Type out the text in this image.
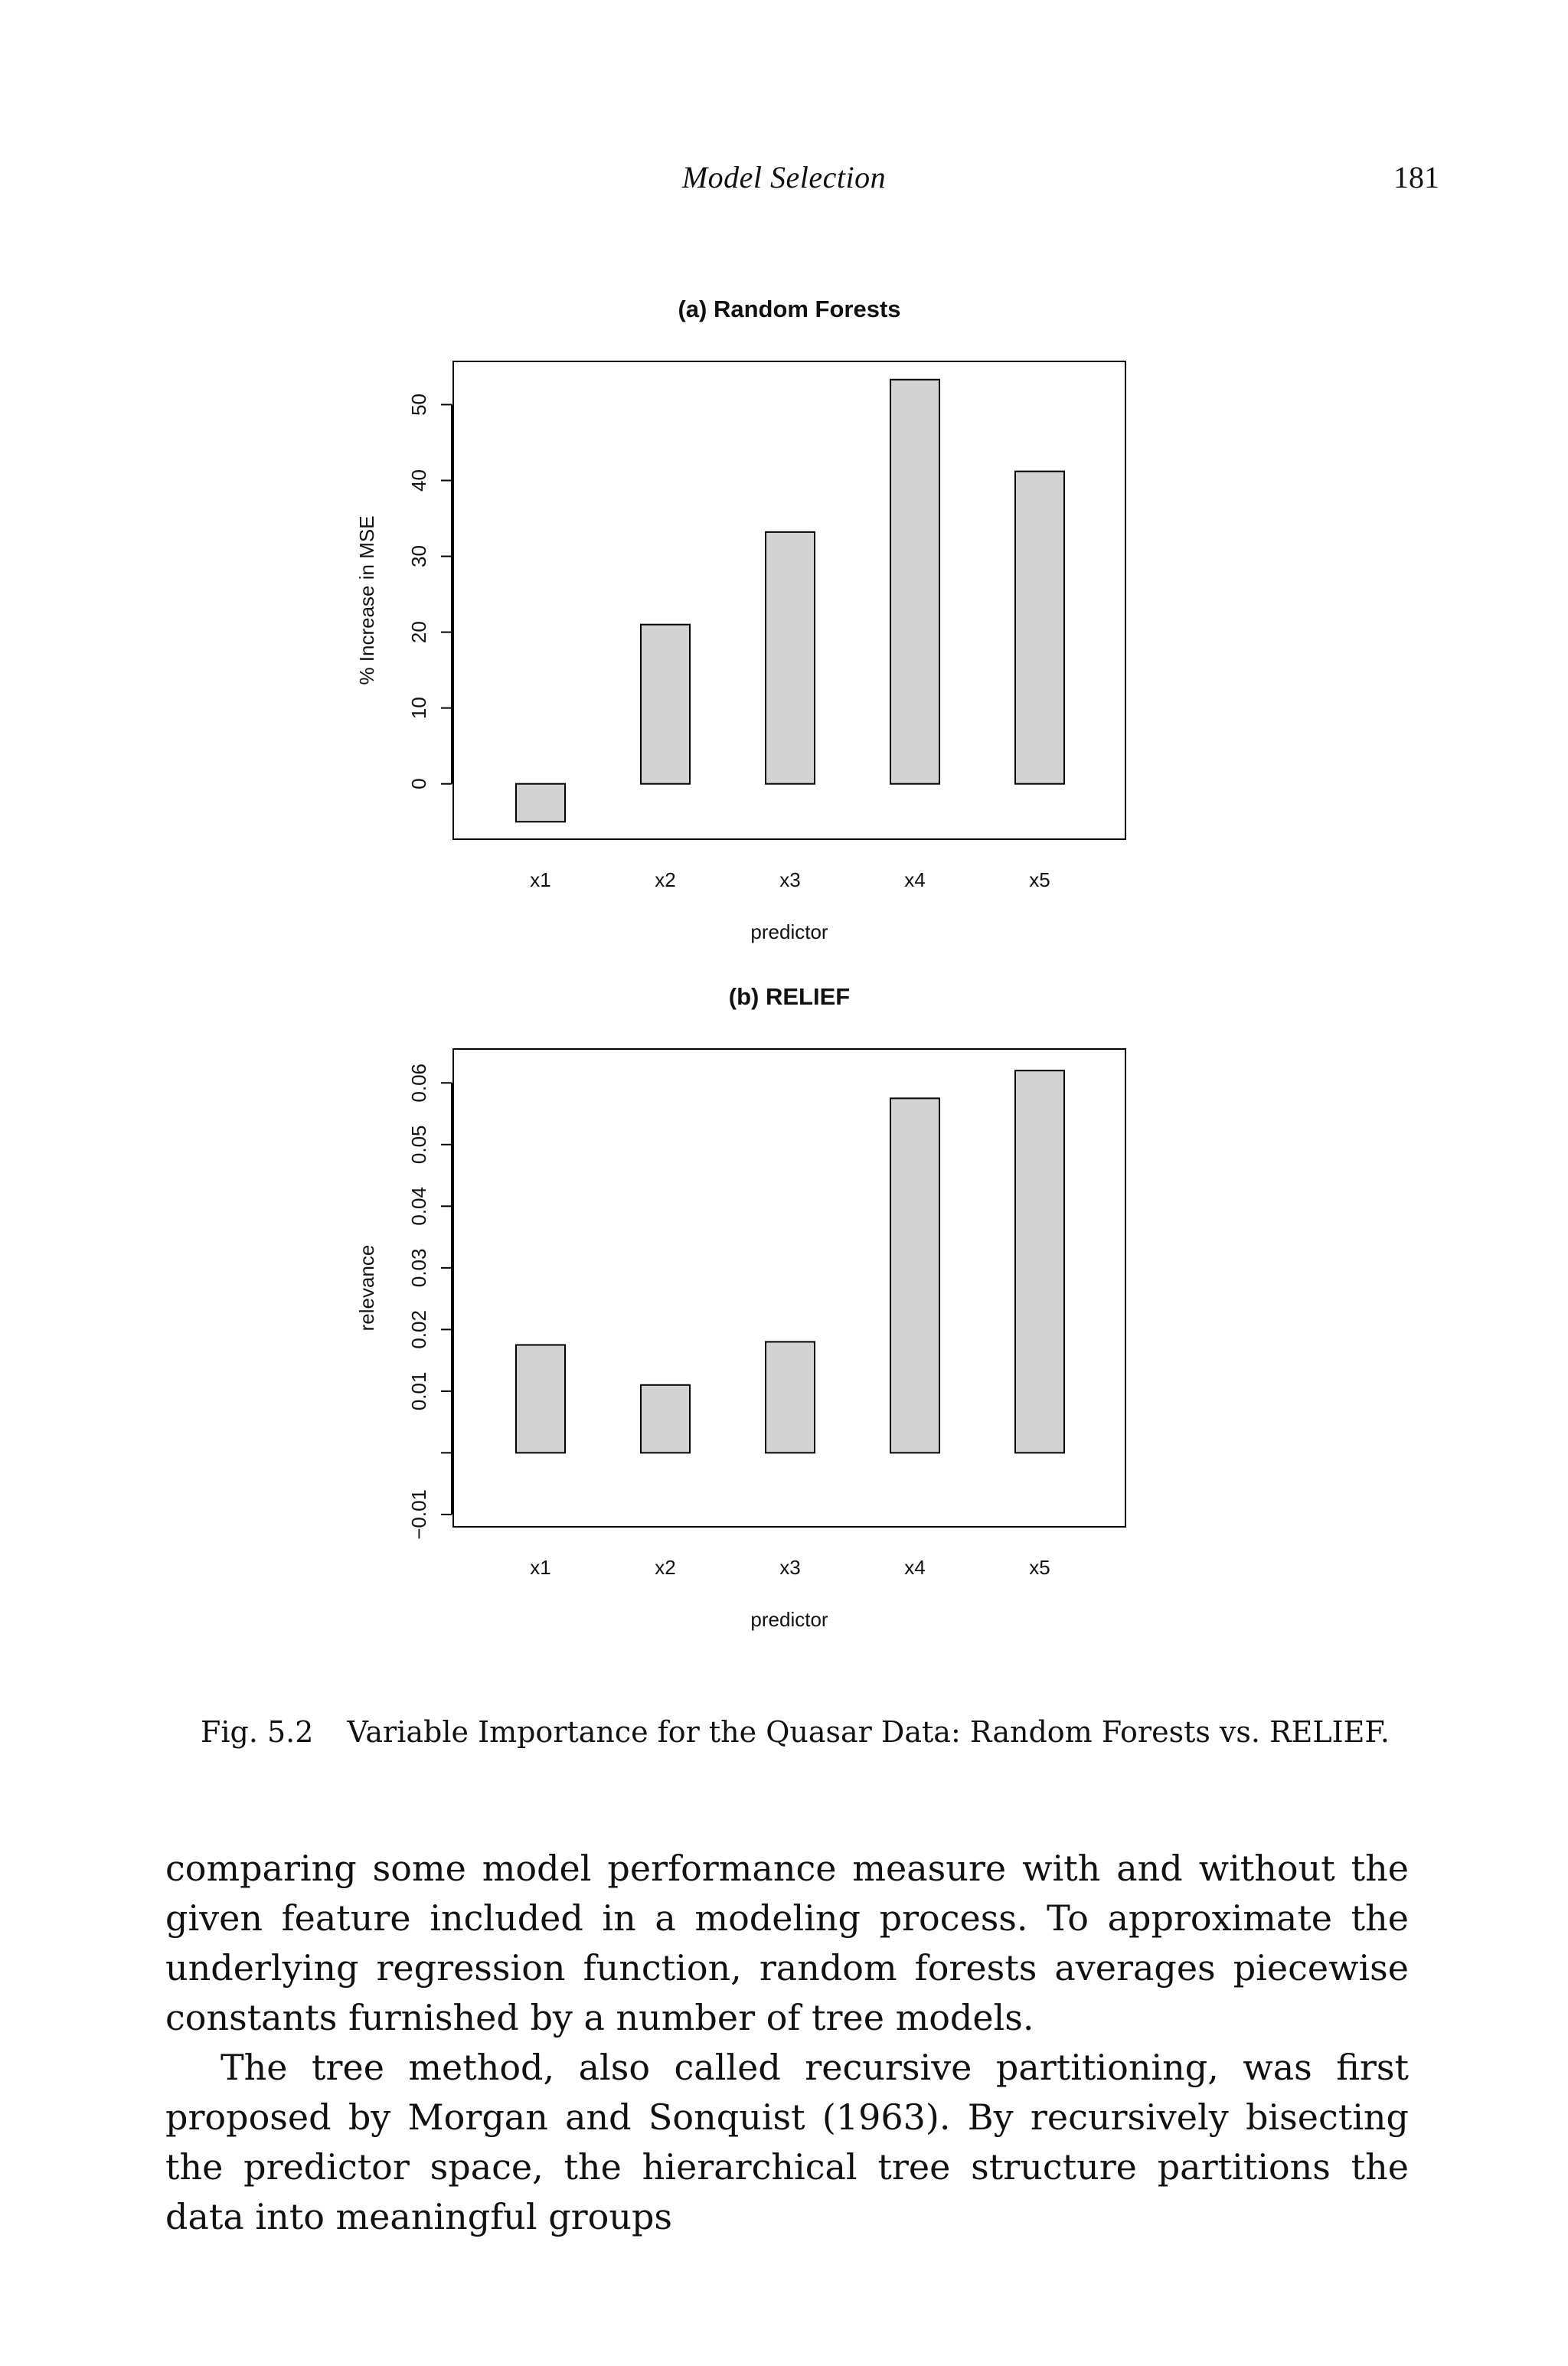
Model Selection	181
(a) Random Forests
x1	x2	x3	x4	x5
predictor
0
10
20
30
40
50
% Increase in MSE
(b) RELIEF
x1	x2	x3	x4	x5
predictor
−0.01
0.01
0.02
0.03
0.04
0.05
0.06
relevance
Fig. 5.2 Variable Importance for the Quasar Data: Random Forests vs. RELIEF.

comparing some model performance measure with and without the given feature included in a modeling process. To approximate the underlying regression function, random forests averages piecewise constants furnished by a number of tree models.

The tree method, also called recursive partitioning, was first proposed by Morgan and Sonquist (1963). By recursively bisecting the predictor space, the hierarchical tree structure partitions the data into meaningful groups
